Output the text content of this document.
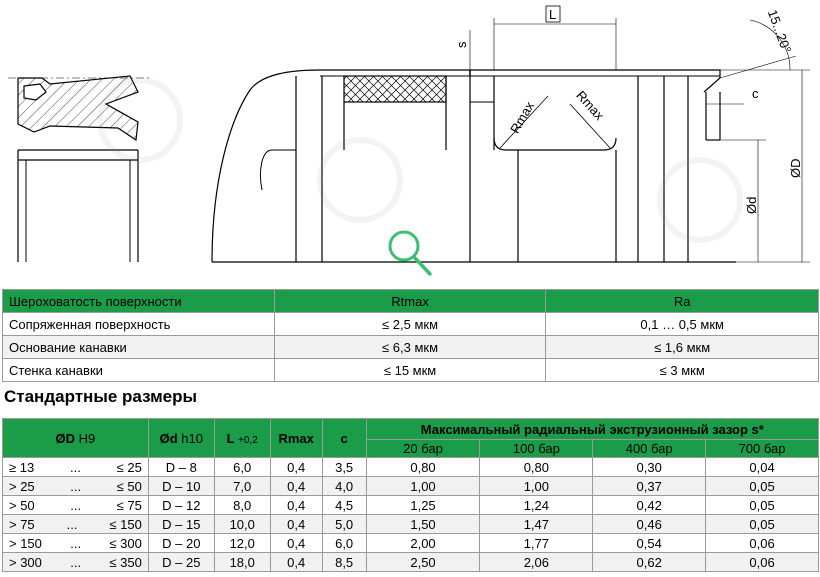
L
s	15...20°
Rmax	Rmax	c
ØD
Ød
Шероховатость поверхности	Rtmax	Ra
Сопряженная поверхность	≤ 2,5 мкм	0,1 … 0,5 мкм
Основание канавки	≤ 6,3 мкм	≤ 1,6 мкм
Стенка канавки	≤ 15 мкм	≤ 3 мкм
Стандартные размеры
ØD H9	Ød h10	L +0,2	Rmax	c	Максимальный радиальный экструзионный зазор s*			
					20 бар	100 бар	400 бар	700 бар

≥ 13 ... ≤ 25	D – 8	6,0	0,4	3,5	0,80	0,80	0,30	0,04

> 25 ... ≤ 50	D – 10	7,0	0,4	4,0	1,00	1,00	0,37	0,05

> 50 ... ≤ 75	D – 12	8,0	0,4	4,5	1,25	1,24	0,42	0,05

> 75 ... ≤ 150	D – 15	10,0	0,4	5,0	1,50	1,47	0,46	0,05

> 150 ... ≤ 300	D – 20	12,0	0,4	6,0	2,00	1,77	0,54	0,06

> 300 ... ≤ 350	D – 25	18,0	0,4	8,5	2,50	2,06	0,62	0,06
